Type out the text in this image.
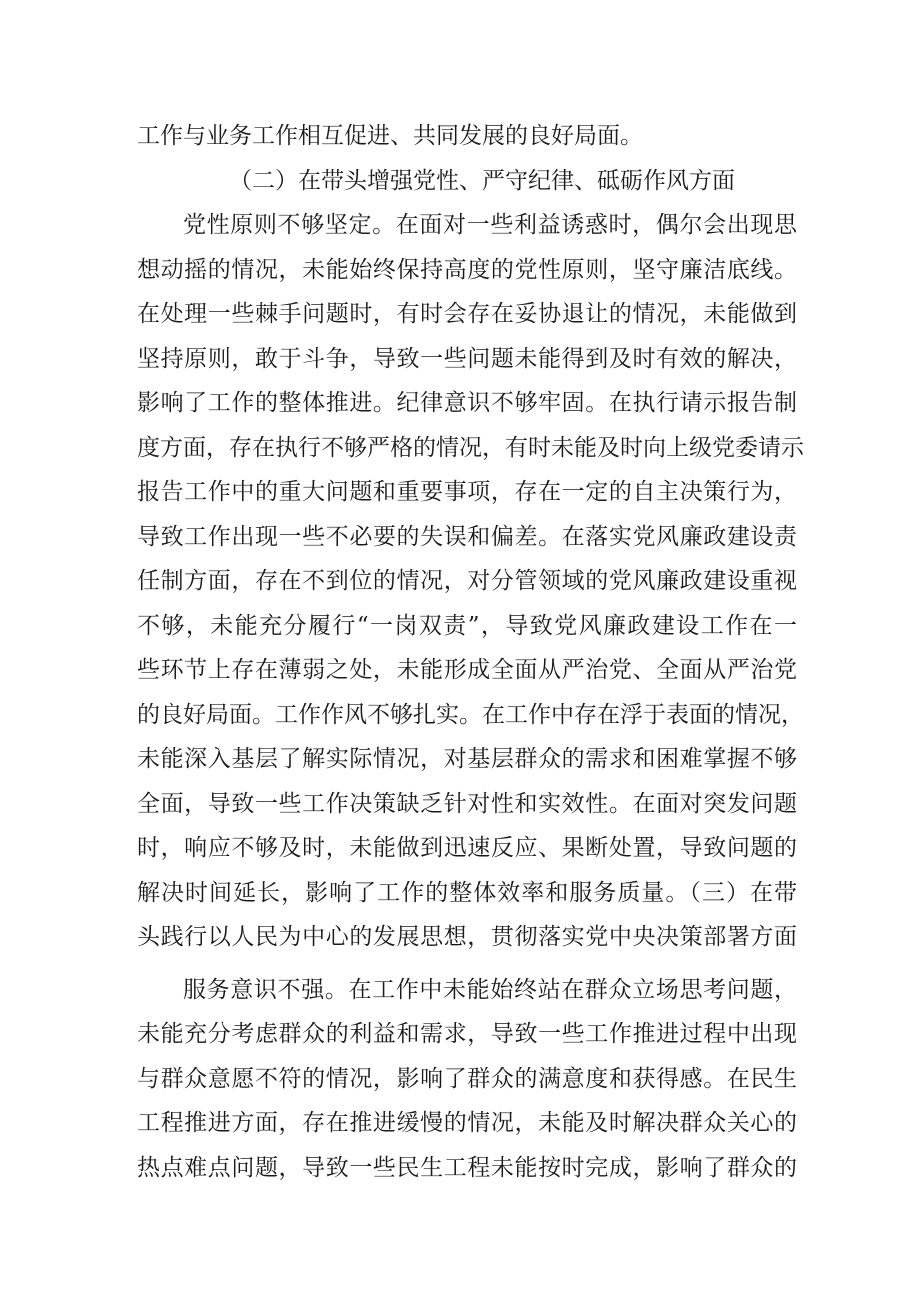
工作与业务工作相互促进、共同发展的良好局面。
（二）在带头增强党性、严守纪律、砥砺作风方面
党性原则不够坚定。在面对一些利益诱惑时，偶尔会出现思
想动摇的情况，未能始终保持高度的党性原则，坚守廉洁底线。
在处理一些棘手问题时，有时会存在妥协退让的情况，未能做到
坚持原则，敢于斗争，导致一些问题未能得到及时有效的解决，
影响了工作的整体推进。纪律意识不够牢固。在执行请示报告制
度方面，存在执行不够严格的情况，有时未能及时向上级党委请示
报告工作中的重大问题和重要事项，存在一定的自主决策行为，
导致工作出现一些不必要的失误和偏差。在落实党风廉政建设责
任制方面，存在不到位的情况，对分管领域的党风廉政建设重视
不够，未能充分履行“一岗双责”，导致党风廉政建设工作在一
些环节上存在薄弱之处，未能形成全面从严治党、全面从严治党
的良好局面。工作作风不够扎实。在工作中存在浮于表面的情况，
未能深入基层了解实际情况，对基层群众的需求和困难掌握不够
全面，导致一些工作决策缺乏针对性和实效性。在面对突发问题
时，响应不够及时，未能做到迅速反应、果断处置，导致问题的
解决时间延长，影响了工作的整体效率和服务质量。（三）在带
头践行以人民为中心的发展思想，贯彻落实党中央决策部署方面
服务意识不强。在工作中未能始终站在群众立场思考问题，
未能充分考虑群众的利益和需求，导致一些工作推进过程中出现
与群众意愿不符的情况，影响了群众的满意度和获得感。在民生
工程推进方面，存在推进缓慢的情况，未能及时解决群众关心的
热点难点问题，导致一些民生工程未能按时完成，影响了群众的
